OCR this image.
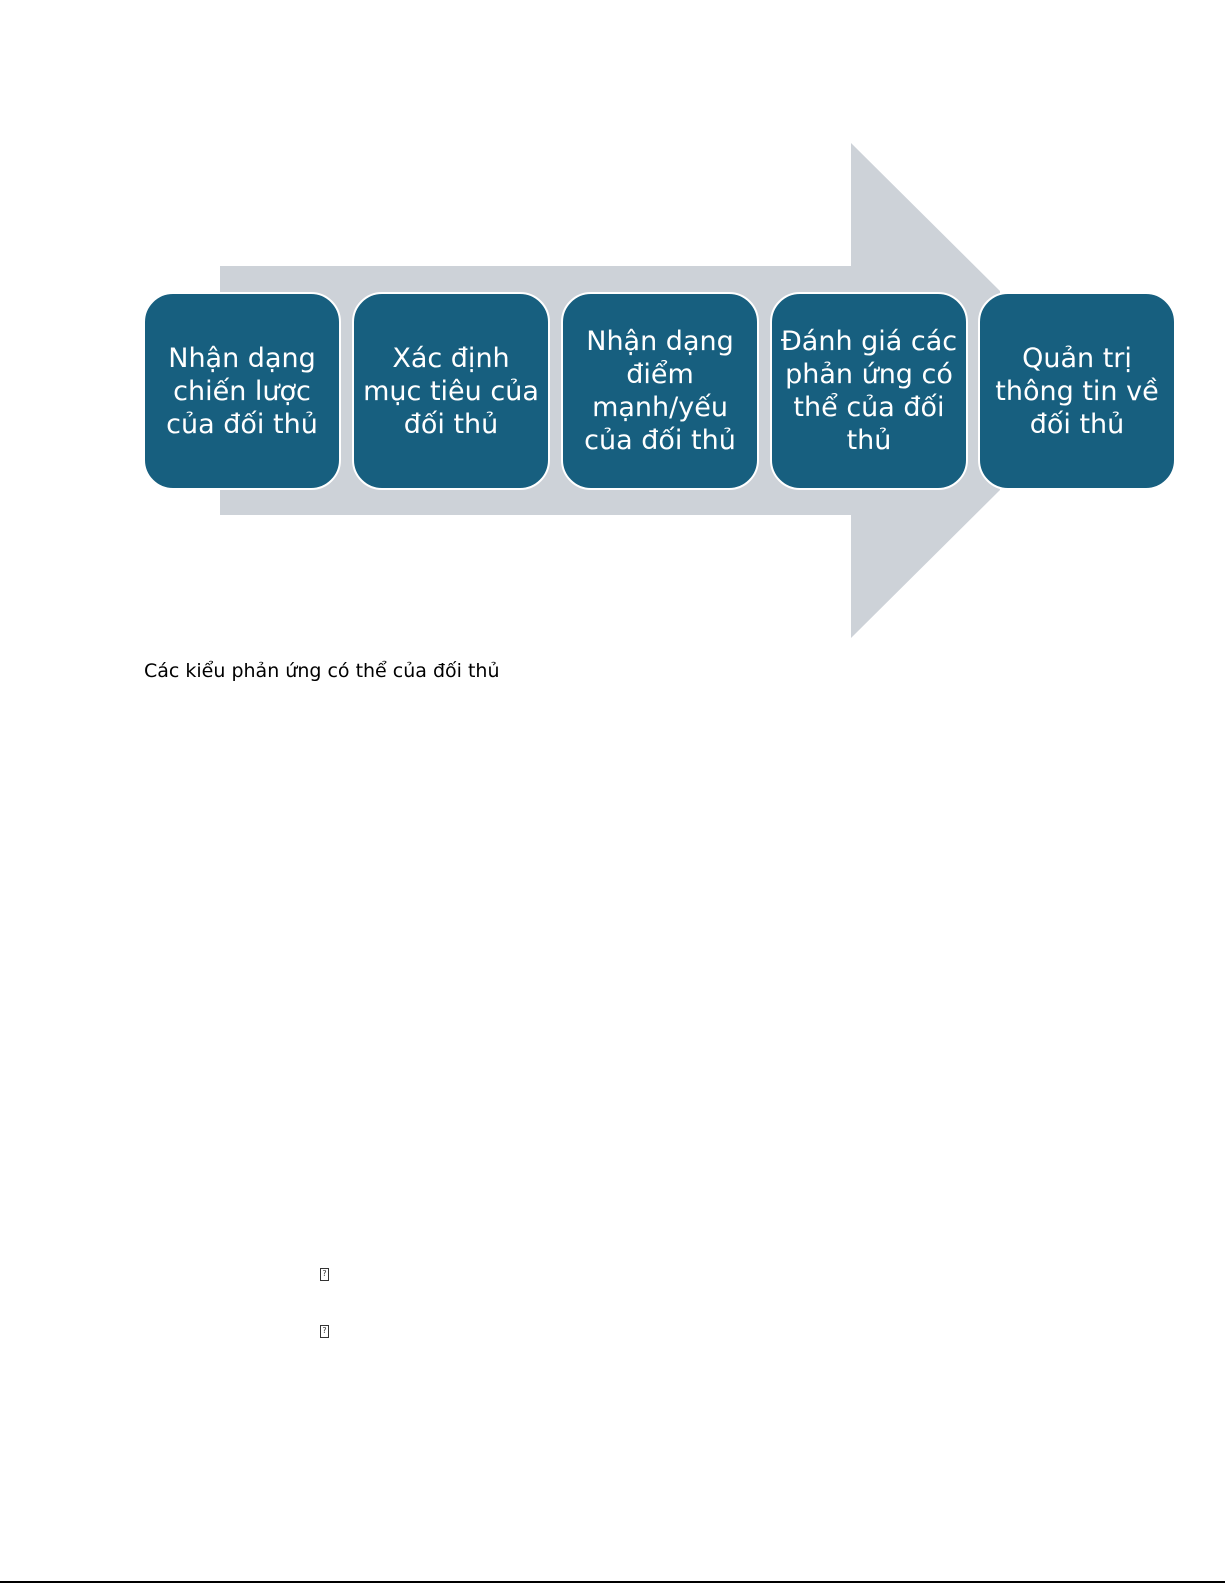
Nhận dạng chiến lược của đối thủ
Xác định mục tiêu của đối thủ
Nhận dạng điểm mạnh/yếu của đối thủ
Đánh giá các phản ứng có thể của đối thủ
Quản trị thông tin về đối thủ
Các kiểu phản ứng có thể của đối thủ
?
?
